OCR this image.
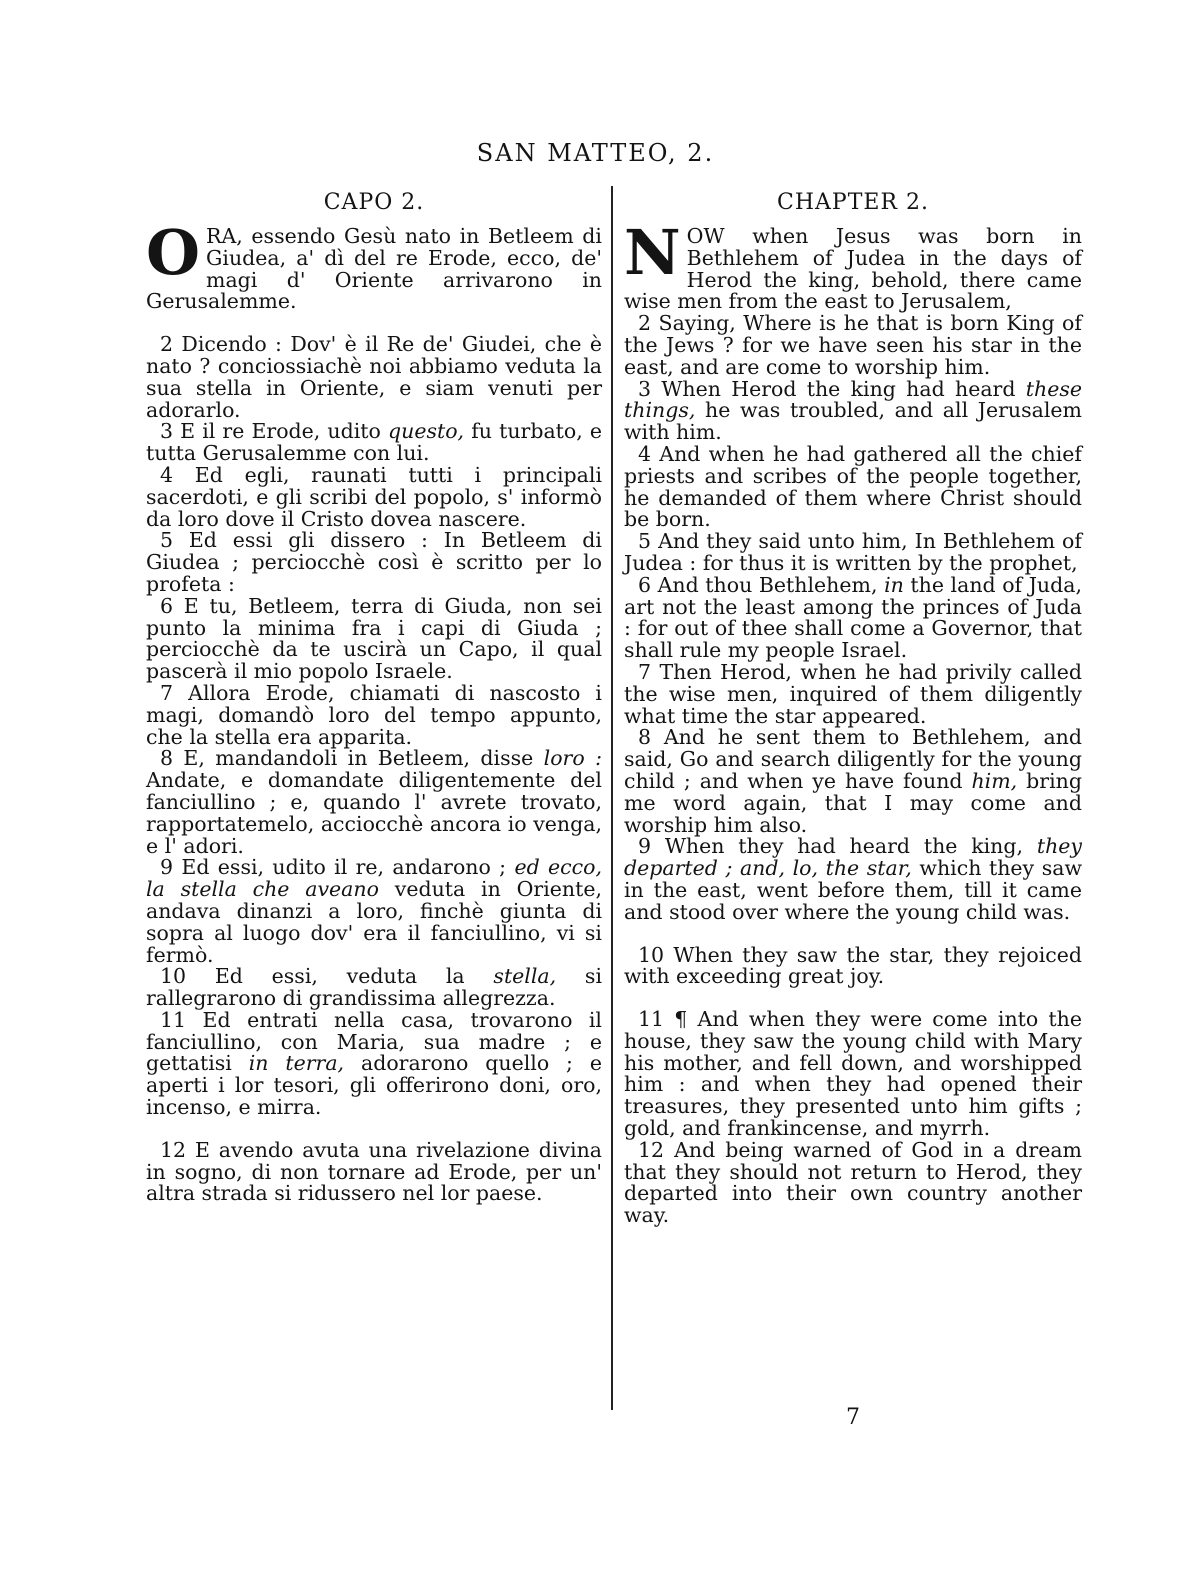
SAN MATTEO, 2.
CAPO 2.

ORA, essendo Gesù nato in Betleem di Giudea, a' dì del re Erode, ecco, de' magi d' Oriente arrivarono in Gerusalemme.

2 Dicendo : Dov' è il Re de' Giudei, che è nato ? conciossiachè noi abbiamo veduta la sua stella in Oriente, e siam venuti per adorarlo.

3 E il re Erode, udito questo, fu turbato, e tutta Gerusalemme con lui.

4 Ed egli, raunati tutti i principali sacerdoti, e gli scribi del popolo, s' informò da loro dove il Cristo dovea nascere.

5 Ed essi gli dissero : In Betleem di Giudea ; perciocchè così è scritto per lo profeta :

6 E tu, Betleem, terra di Giuda, non sei punto la minima fra i capi di Giuda ; perciocchè da te uscirà un Capo, il qual pascerà il mio popolo Israele.

7 Allora Erode, chiamati di nascosto i magi, domandò loro del tempo appunto, che la stella era apparita.

8 E, mandandoli in Betleem, disse loro : Andate, e domandate diligentemente del fanciullino ; e, quando l' avrete trovato, rapportatemelo, acciocchè ancora io venga, e l' adori.

9 Ed essi, udito il re, andarono ; ed ecco, la stella che aveano veduta in Oriente, andava dinanzi a loro, finchè giunta di sopra al luogo dov' era il fanciullino, vi si fermò.

10 Ed essi, veduta la stella, si rallegrarono di grandissima allegrezza.

11 Ed entrati nella casa, trovarono il fanciullino, con Maria, sua madre ; e gettatisi in terra, adorarono quello ; e aperti i lor tesori, gli offerirono doni, oro, incenso, e mirra.

12 E avendo avuta una rivelazione divina in sogno, di non tornare ad Erode, per un' altra strada si ridussero nel lor paese.

CHAPTER 2.

NOW when Jesus was born in Bethlehem of Judea in the days of Herod the king, behold, there came wise men from the east to Jerusalem,

2 Saying, Where is he that is born King of the Jews ? for we have seen his star in the east, and are come to worship him.

3 When Herod the king had heard these things, he was troubled, and all Jerusalem with him.

4 And when he had gathered all the chief priests and scribes of the people together, he demanded of them where Christ should be born.

5 And they said unto him, In Bethlehem of Judea : for thus it is written by the prophet,

6 And thou Bethlehem, in the land of Juda, art not the least among the princes of Juda : for out of thee shall come a Governor, that shall rule my people Israel.

7 Then Herod, when he had privily called the wise men, inquired of them diligently what time the star appeared.

8 And he sent them to Bethlehem, and said, Go and search diligently for the young child ; and when ye have found him, bring me word again, that I may come and worship him also.

9 When they had heard the king, they departed ; and, lo, the star, which they saw in the east, went before them, till it came and stood over where the young child was.

10 When they saw the star, they rejoiced with exceeding great joy.

11 ¶ And when they were come into the house, they saw the young child with Mary his mother, and fell down, and worshipped him : and when they had opened their treasures, they presented unto him gifts ; gold, and frankincense, and myrrh.

12 And being warned of God in a dream that they should not return to Herod, they departed into their own country another way.

7
